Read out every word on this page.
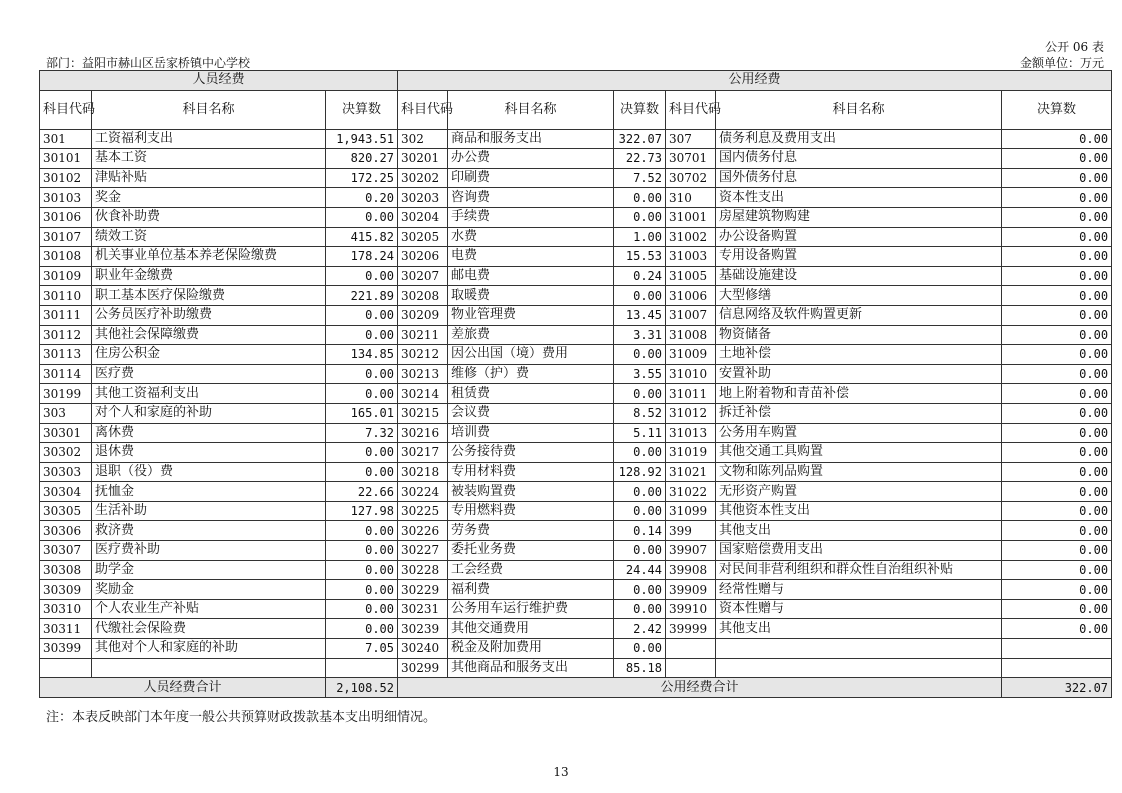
公开 06 表
部门：益阳市赫山区岳家桥镇中心学校	金额单位：万元
人员经费			公用经费					
科目代码	科目名称	决算数	科目代码	科目名称	决算数	科目代码	科目名称	决算数
301	工资福利支出	1,943.51	302	商品和服务支出	322.07	307	债务利息及费用支出	0.00
30101	基本工资	820.27	30201	办公费	22.73	30701	国内债务付息	0.00
30102	津贴补贴	172.25	30202	印刷费	7.52	30702	国外债务付息	0.00
30103	奖金	0.20	30203	咨询费	0.00	310	资本性支出	0.00
30106	伙食补助费	0.00	30204	手续费	0.00	31001	房屋建筑物购建	0.00
30107	绩效工资	415.82	30205	水费	1.00	31002	办公设备购置	0.00
30108	机关事业单位基本养老保险缴费	178.24	30206	电费	15.53	31003	专用设备购置	0.00
30109	职业年金缴费	0.00	30207	邮电费	0.24	31005	基础设施建设	0.00
30110	职工基本医疗保险缴费	221.89	30208	取暖费	0.00	31006	大型修缮	0.00
30111	公务员医疗补助缴费	0.00	30209	物业管理费	13.45	31007	信息网络及软件购置更新	0.00
30112	其他社会保障缴费	0.00	30211	差旅费	3.31	31008	物资储备	0.00
30113	住房公积金	134.85	30212	因公出国（境）费用	0.00	31009	土地补偿	0.00
30114	医疗费	0.00	30213	维修（护）费	3.55	31010	安置补助	0.00
30199	其他工资福利支出	0.00	30214	租赁费	0.00	31011	地上附着物和青苗补偿	0.00
303	对个人和家庭的补助	165.01	30215	会议费	8.52	31012	拆迁补偿	0.00
30301	离休费	7.32	30216	培训费	5.11	31013	公务用车购置	0.00
30302	退休费	0.00	30217	公务接待费	0.00	31019	其他交通工具购置	0.00
30303	退职（役）费	0.00	30218	专用材料费	128.92	31021	文物和陈列品购置	0.00
30304	抚恤金	22.66	30224	被装购置费	0.00	31022	无形资产购置	0.00
30305	生活补助	127.98	30225	专用燃料费	0.00	31099	其他资本性支出	0.00
30306	救济费	0.00	30226	劳务费	0.14	399	其他支出	0.00
30307	医疗费补助	0.00	30227	委托业务费	0.00	39907	国家赔偿费用支出	0.00
30308	助学金	0.00	30228	工会经费	24.44	39908	对民间非营利组织和群众性自治组织补贴	0.00
30309	奖励金	0.00	30229	福利费	0.00	39909	经常性赠与	0.00
30310	个人农业生产补贴	0.00	30231	公务用车运行维护费	0.00	39910	资本性赠与	0.00
30311	代缴社会保险费	0.00	30239	其他交通费用	2.42	39999	其他支出	0.00
30399	其他对个人和家庭的补助	7.05	30240	税金及附加费用	0.00			
			30299	其他商品和服务支出	85.18			
人员经费合计		2,108.52	公用经费合计					322.07
注：本表反映部门本年度一般公共预算财政拨款基本支出明细情况。
13
